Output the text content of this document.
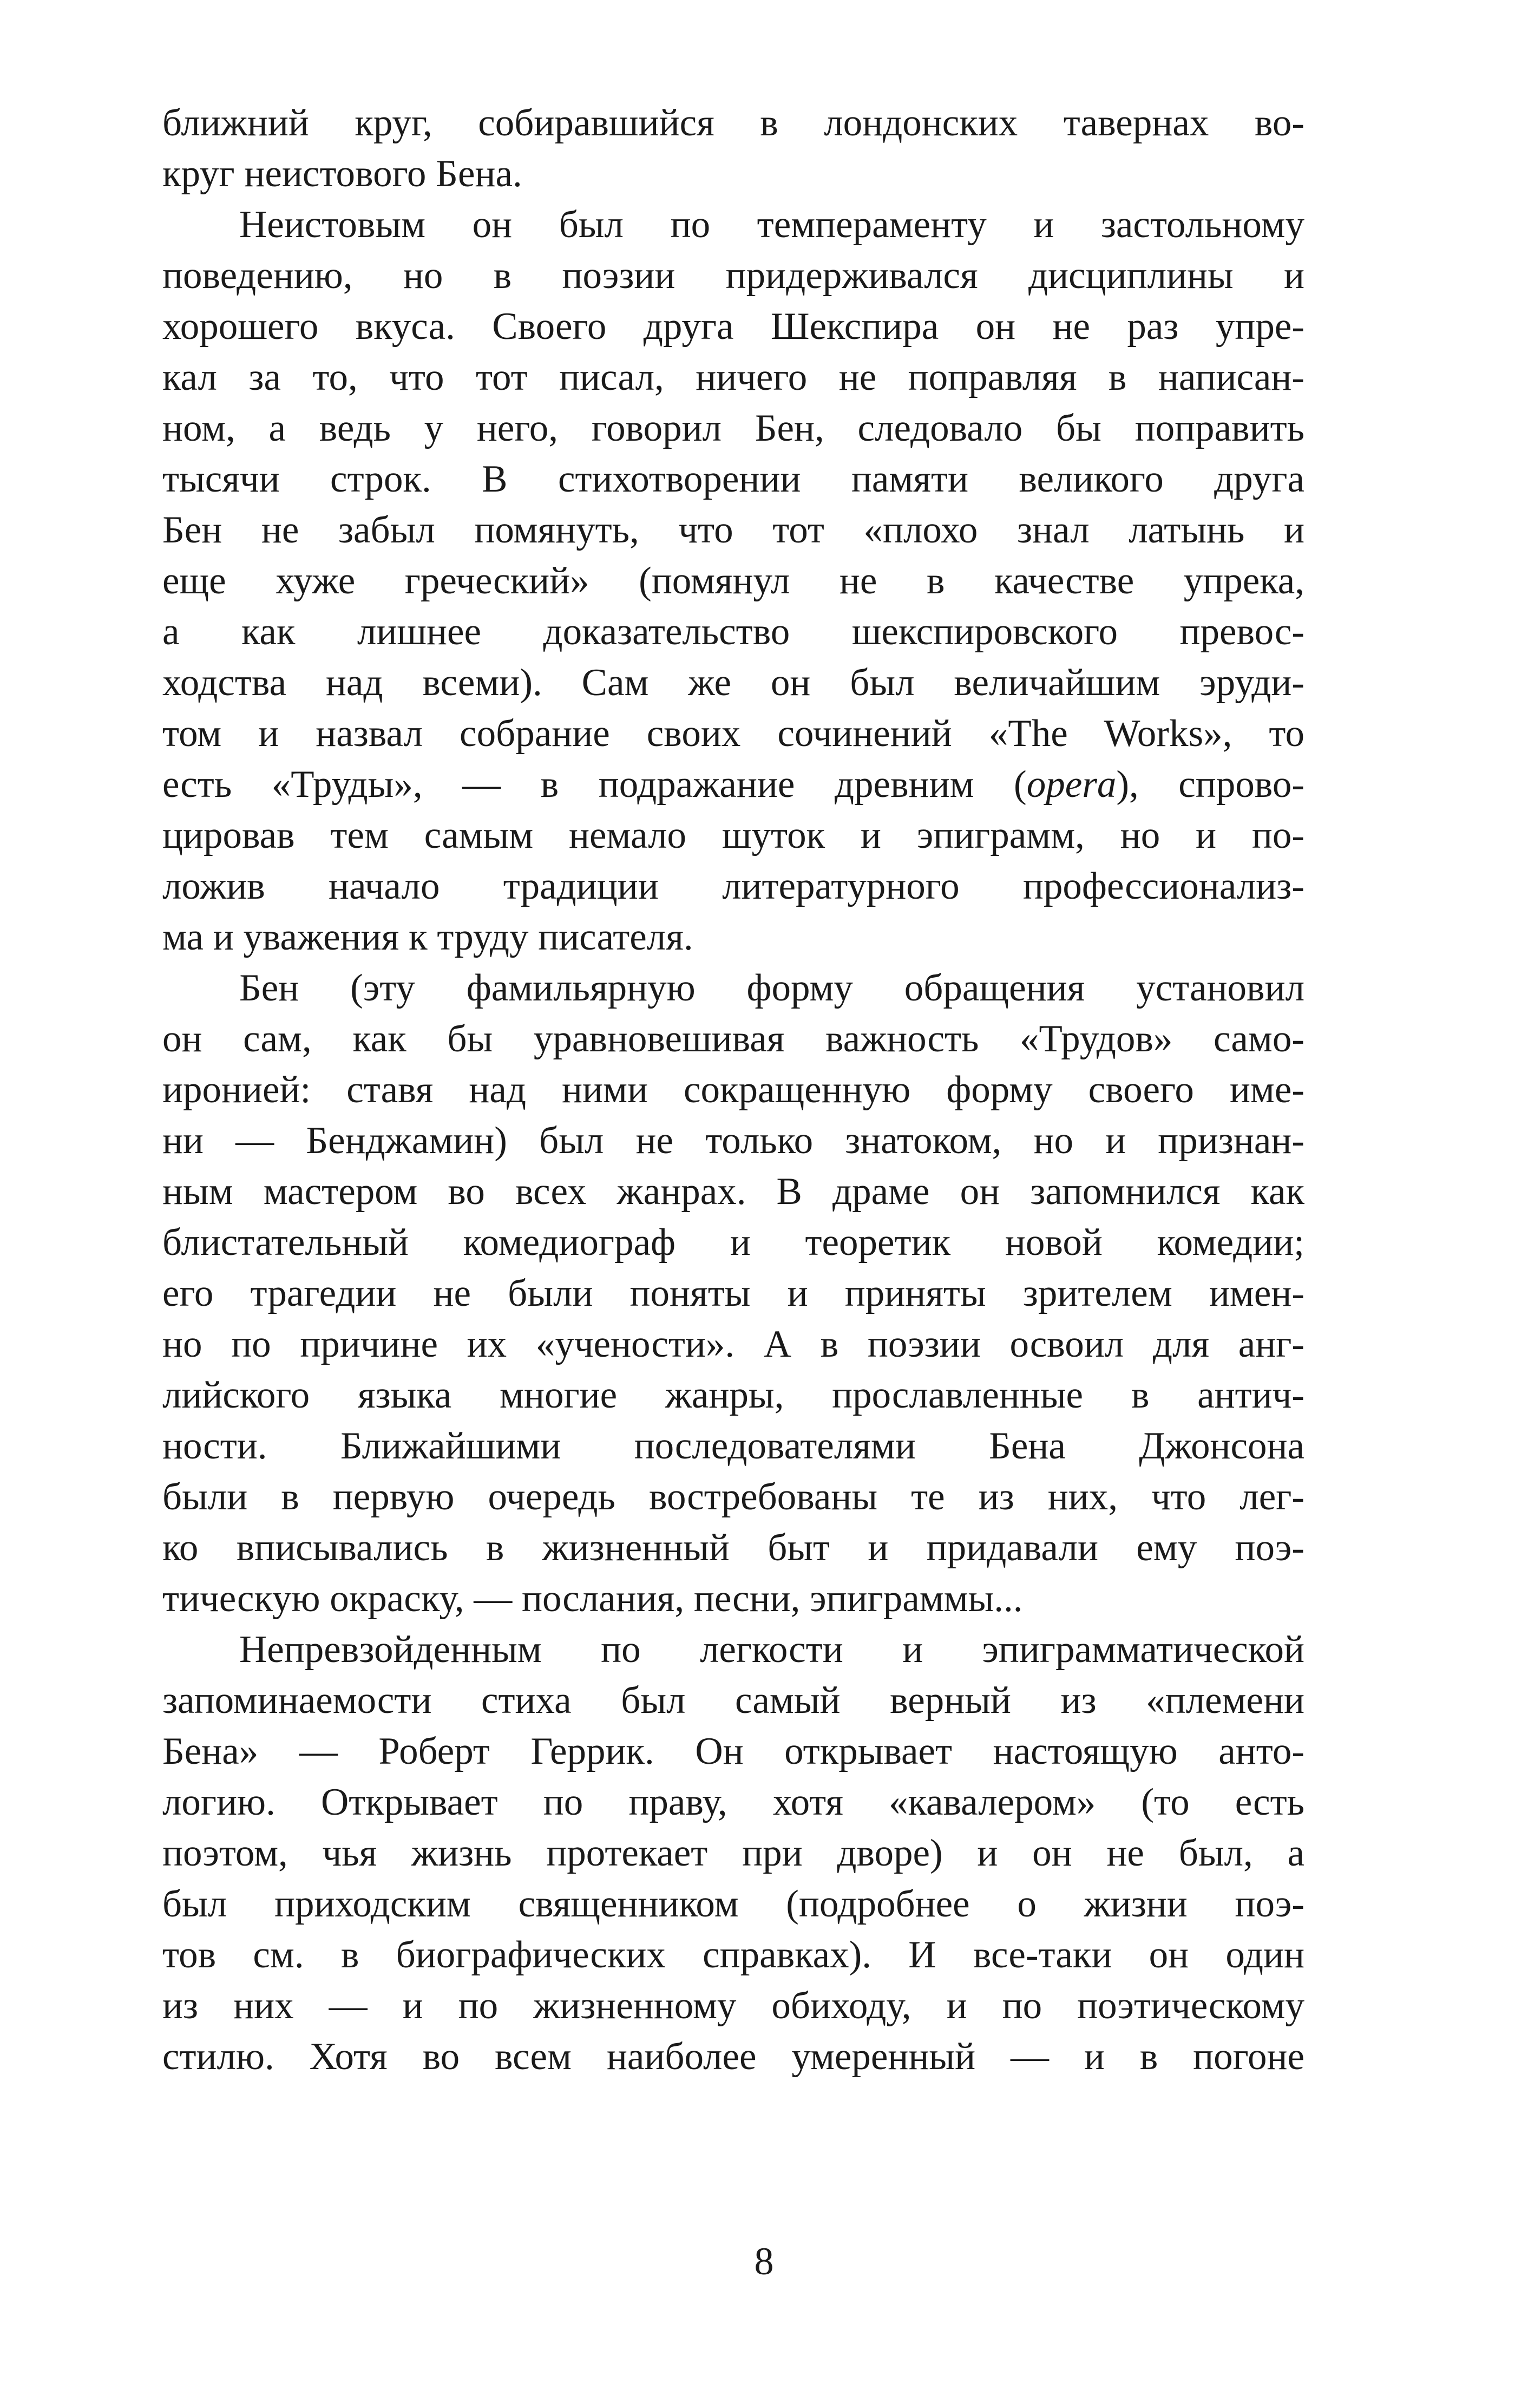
ближний круг, собиравшийся в лондонских тавернах во-
круг неистового Бена.
Неистовым он был по темпераменту и застольному
поведению, но в поэзии придерживался дисциплины и
хорошего вкуса. Своего друга Шекспира он не раз упре-
кал за то, что тот писал, ничего не поправляя в написан-
ном, а ведь у него, говорил Бен, следовало бы поправить
тысячи строк. В стихотворении памяти великого друга
Бен не забыл помянуть, что тот «плохо знал латынь и
еще хуже греческий» (помянул не в качестве упрека,
а как лишнее доказательство шекспировского превос-
ходства над всеми). Сам же он был величайшим эруди-
том и назвал собрание своих сочинений «The Works», то
есть «Труды», — в подражание древним (opera), спрово-
цировав тем самым немало шуток и эпиграмм, но и по-
ложив начало традиции литературного профессионализ-
ма и уважения к труду писателя.
Бен (эту фамильярную форму обращения установил
он сам, как бы уравновешивая важность «Трудов» само-
иронией: ставя над ними сокращенную форму своего име-
ни — Бенджамин) был не только знатоком, но и признан-
ным мастером во всех жанрах. В драме он запомнился как
блистательный комедиограф и теоретик новой комедии;
его трагедии не были поняты и приняты зрителем имен-
но по причине их «учености». А в поэзии освоил для анг-
лийского языка многие жанры, прославленные в антич-
ности. Ближайшими последователями Бена Джонсона
были в первую очередь востребованы те из них, что лег-
ко вписывались в жизненный быт и придавали ему поэ-
тическую окраску, — послания, песни, эпиграммы...
Непревзойденным по легкости и эпиграмматической
запоминаемости стиха был самый верный из «племени
Бена» — Роберт Геррик. Он открывает настоящую анто-
логию. Открывает по праву, хотя «кавалером» (то есть
поэтом, чья жизнь протекает при дворе) и он не был, а
был приходским священником (подробнее о жизни поэ-
тов см. в биографических справках). И все-таки он один
из них — и по жизненному обиходу, и по поэтическому
стилю. Хотя во всем наиболее умеренный — и в погоне
8
